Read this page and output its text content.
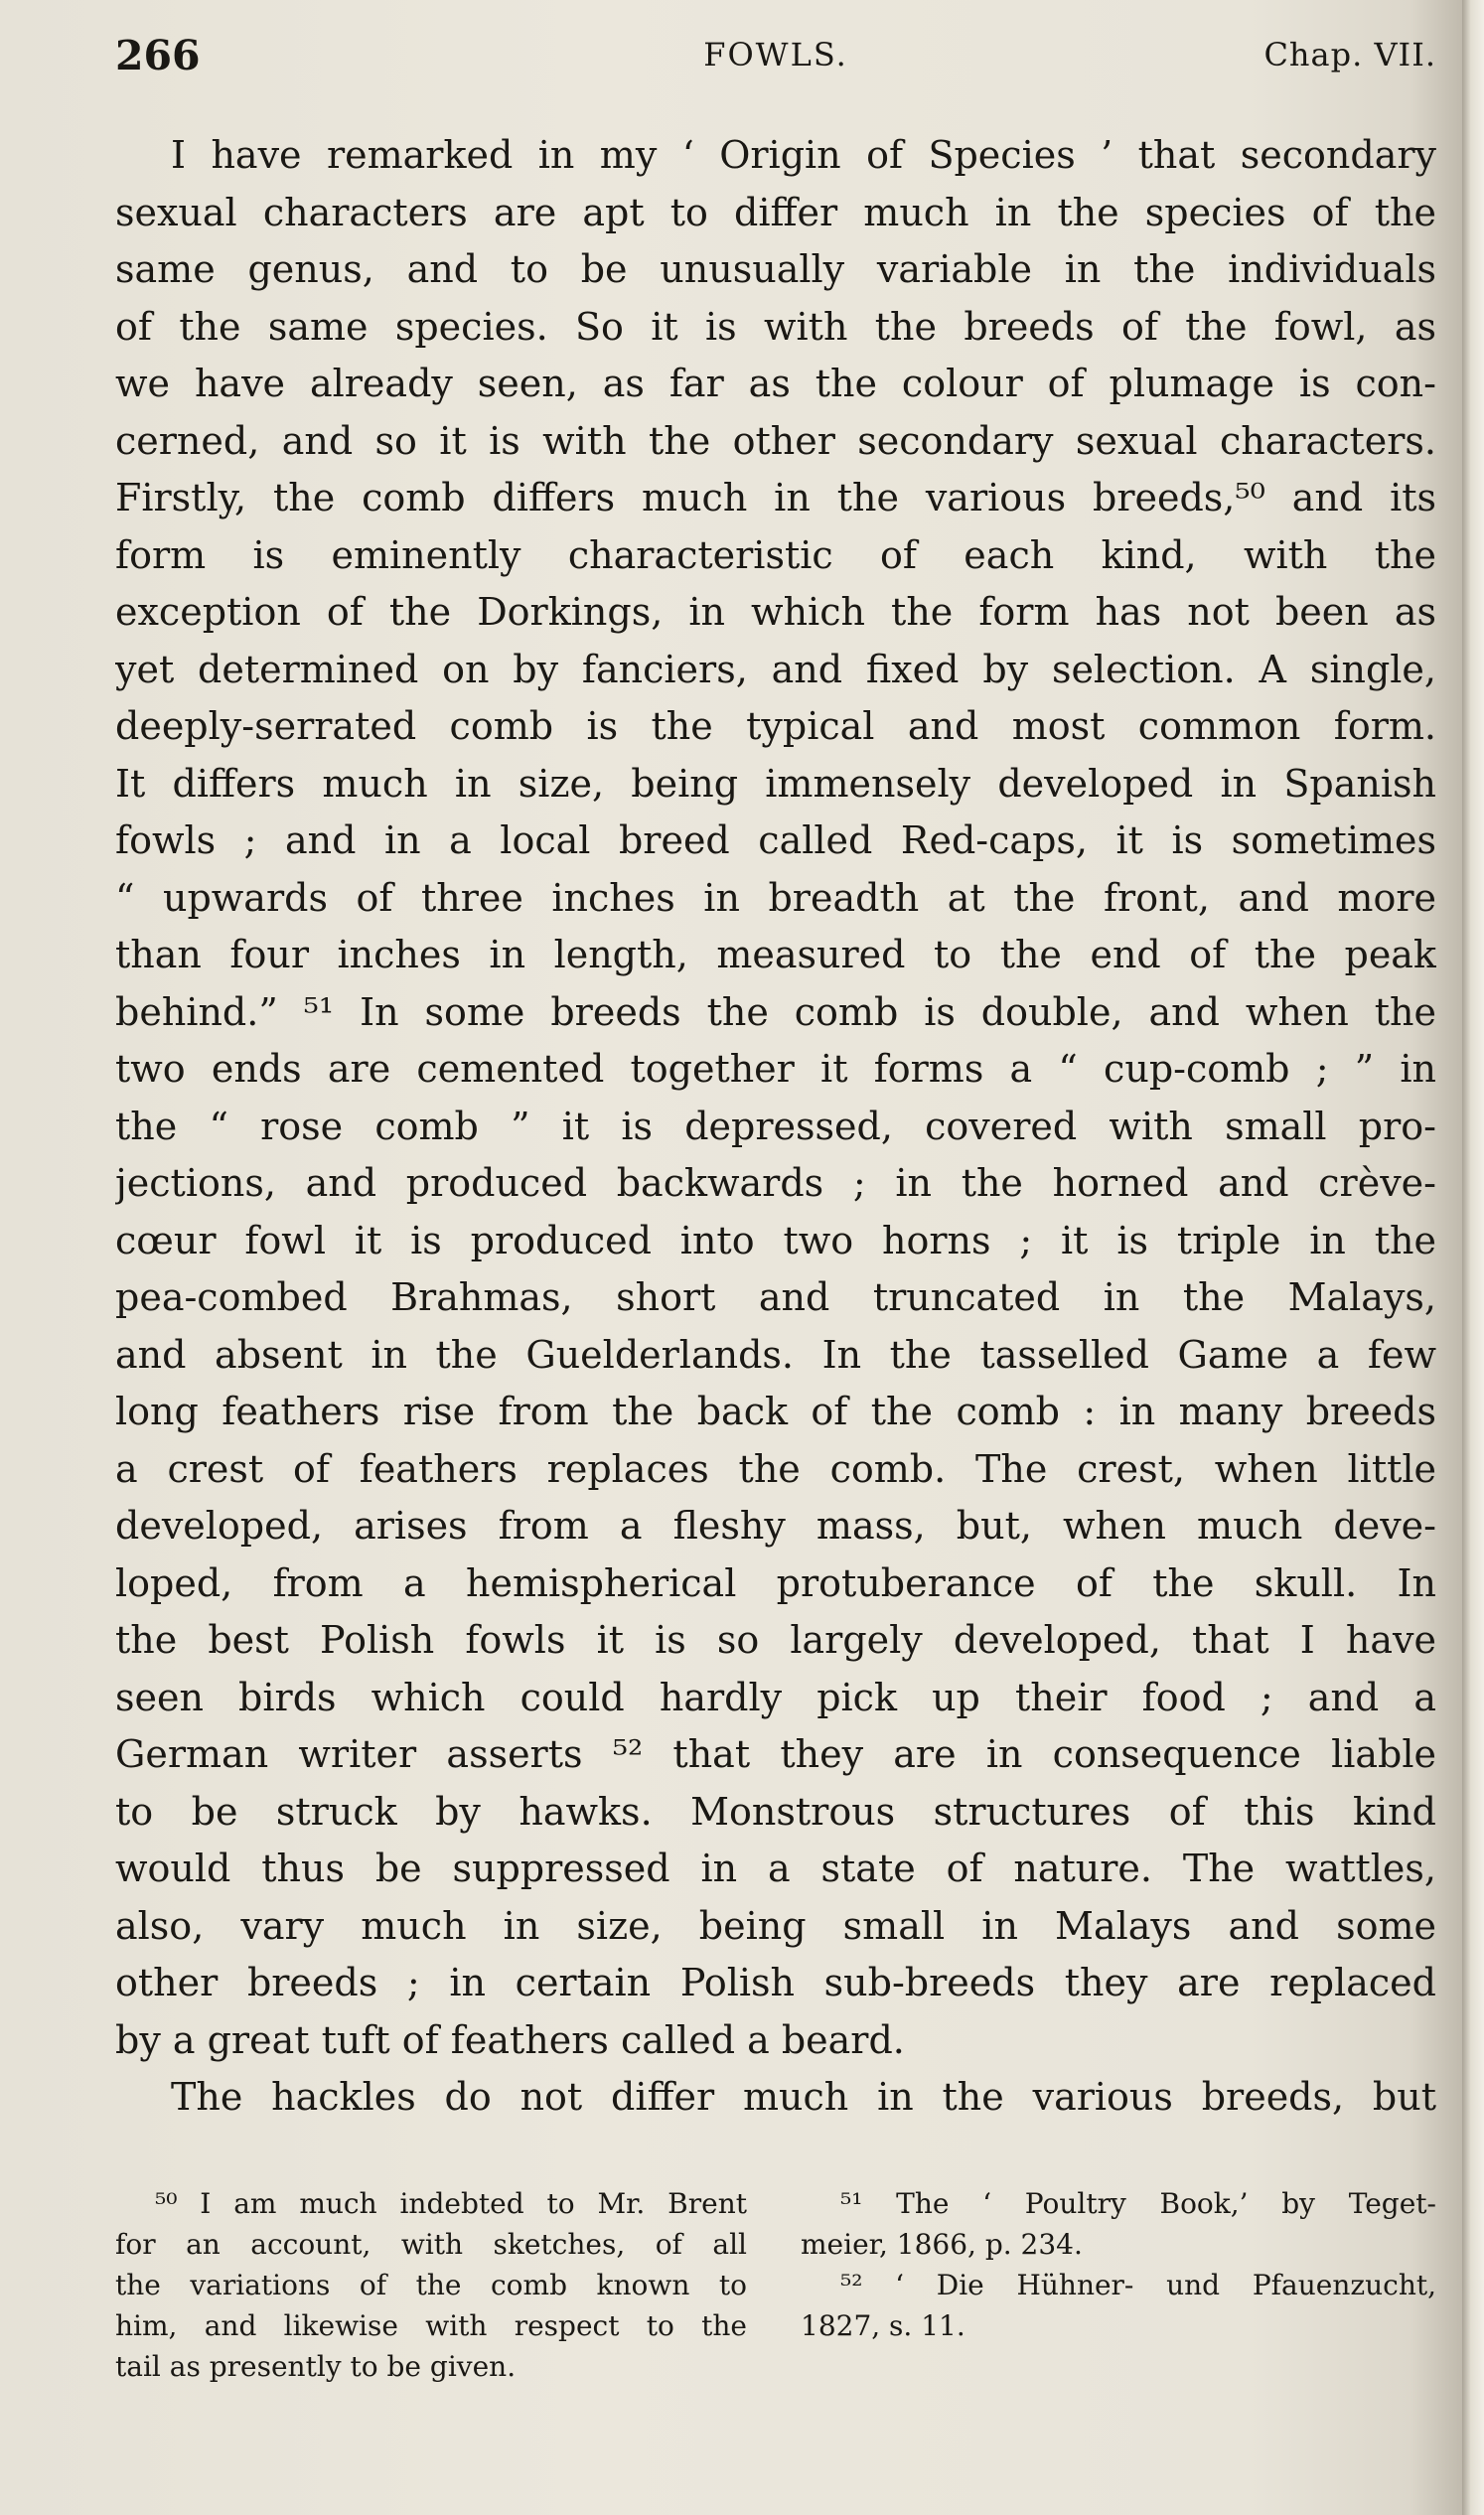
266	FOWLS.	Chap. VII.
I have remarked in my ‘ Origin of Species ’ that secondary
sexual characters are apt to differ much in the species of the
same genus, and to be unusually variable in the individuals
of the same species. So it is with the breeds of the fowl, as
we have already seen, as far as the colour of plumage is con-
cerned, and so it is with the other secondary sexual characters.
Firstly, the comb differs much in the various breeds,⁵⁰ and its
form is eminently characteristic of each kind, with the
exception of the Dorkings, in which the form has not been as
yet determined on by fanciers, and fixed by selection. A single,
deeply-serrated comb is the typical and most common form.
It differs much in size, being immensely developed in Spanish
fowls ; and in a local breed called Red-caps, it is sometimes
“ upwards of three inches in breadth at the front, and more
than four inches in length, measured to the end of the peak
behind.” ⁵¹ In some breeds the comb is double, and when the
two ends are cemented together it forms a “ cup-comb ; ” in
the “ rose comb ” it is depressed, covered with small pro-
jections, and produced backwards ; in the horned and crève-
cœur fowl it is produced into two horns ; it is triple in the
pea-combed Brahmas, short and truncated in the Malays,
and absent in the Guelderlands. In the tasselled Game a few
long feathers rise from the back of the comb : in many breeds
a crest of feathers replaces the comb. The crest, when little
developed, arises from a fleshy mass, but, when much deve-
loped, from a hemispherical protuberance of the skull. In
the best Polish fowls it is so largely developed, that I have
seen birds which could hardly pick up their food ; and a
German writer asserts ⁵² that they are in consequence liable
to be struck by hawks. Monstrous structures of this kind
would thus be suppressed in a state of nature. The wattles,
also, vary much in size, being small in Malays and some
other breeds ; in certain Polish sub-breeds they are replaced
by a great tuft of feathers called a beard.
The hackles do not differ much in the various breeds, but
⁵⁰ I am much indebted to Mr. Brent
for an account, with sketches, of all
the variations of the comb known to
him, and likewise with respect to the
tail as presently to be given.
⁵¹ The ‘ Poultry Book,’ by Teget-
meier, 1866, p. 234.
⁵² ‘ Die Hühner- und Pfauenzucht,
1827, s. 11.
